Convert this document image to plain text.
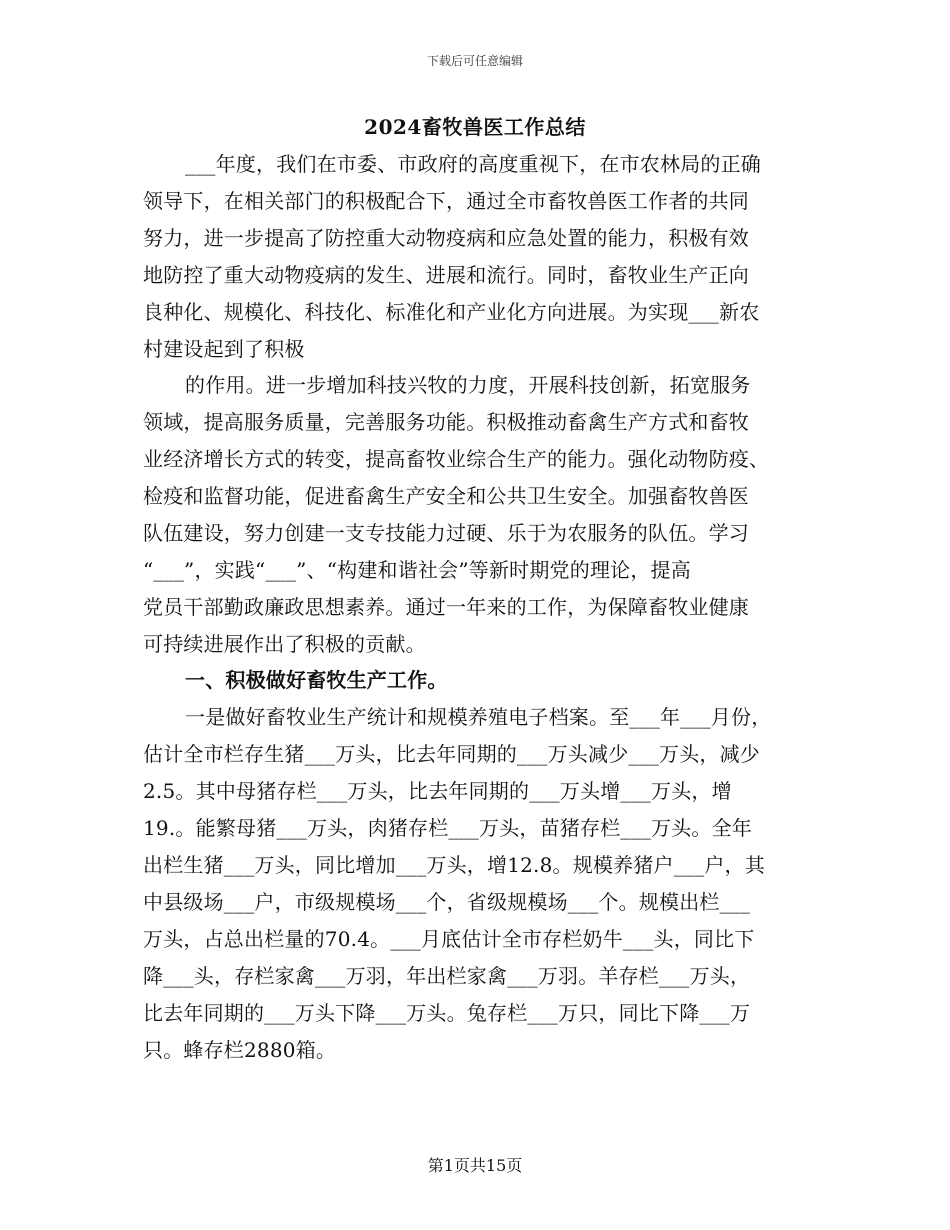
下载后可任意编辑
2024畜牧兽医工作总结
___年度，我们在市委、市政府的高度重视下，在市农林局的正确
领导下，在相关部门的积极配合下，通过全市畜牧兽医工作者的共同
努力，进一步提高了防控重大动物疫病和应急处置的能力，积极有效
地防控了重大动物疫病的发生、进展和流行。同时，畜牧业生产正向
良种化、规模化、科技化、标准化和产业化方向进展。为实现___新农
村建设起到了积极
的作用。进一步增加科技兴牧的力度，开展科技创新，拓宽服务
领域，提高服务质量，完善服务功能。积极推动畜禽生产方式和畜牧
业经济增长方式的转变，提高畜牧业综合生产的能力。强化动物防疫、
检疫和监督功能，促进畜禽生产安全和公共卫生安全。加强畜牧兽医
队伍建设，努力创建一支专技能力过硬、乐于为农服务的队伍。学习
“___”，实践“___”、“构建和谐社会”等新时期党的理论，提高
党员干部勤政廉政思想素养。通过一年来的工作，为保障畜牧业健康
可持续进展作出了积极的贡献。
一、积极做好畜牧生产工作。
一是做好畜牧业生产统计和规模养殖电子档案。至___年___月份，
估计全市栏存生猪___万头，比去年同期的___万头减少___万头，减少
2.5。其中母猪存栏___万头，比去年同期的___万头增___万头，增
19.。能繁母猪___万头，肉猪存栏___万头，苗猪存栏___万头。全年
出栏生猪___万头，同比增加___万头，增12.8。规模养猪户___户，其
中县级场___户，市级规模场___个，省级规模场___个。规模出栏___
万头，占总出栏量的70.4。___月底估计全市存栏奶牛___头，同比下
降___头，存栏家禽___万羽，年出栏家禽___万羽。羊存栏___万头，
比去年同期的___万头下降___万头。兔存栏___万只，同比下降___万
只。蜂存栏2880箱。
第1页共15页
